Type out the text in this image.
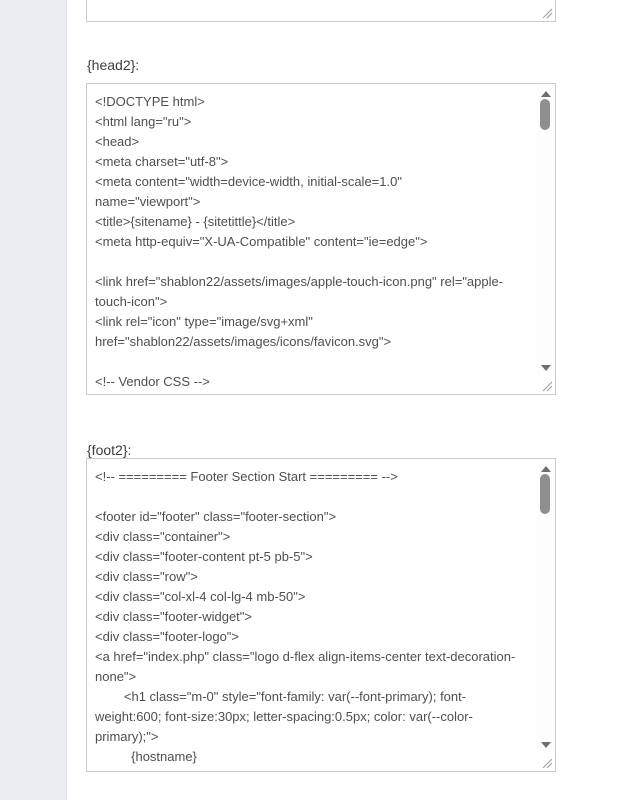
{head2}:
<!DOCTYPE html> <html lang="ru"> <head> <meta charset="utf-8"> <meta content="width=device-width, initial-scale=1.0" name="viewport"> <title>{sitename} - {sitetittle}</title> <meta http-equiv="X-UA-Compatible" content="ie=edge"> <link href="shablon22/assets/images/apple-touch-icon.png" rel="apple- touch-icon"> <link rel="icon" type="image/svg+xml" href="shablon22/assets/images/icons/favicon.svg"> <!-- Vendor CSS --> <link href="shablon22/assets/vendor/bootstrap/css/bootstrap.min.css" rel="stylesheet">
{foot2}:
<!-- ========= Footer Section Start ========= --> <footer id="footer" class="footer-section"> <div class="container"> <div class="footer-content pt-5 pb-5"> <div class="row"> <div class="col-xl-4 col-lg-4 mb-50"> <div class="footer-widget"> <div class="footer-logo"> <a href="index.php" class="logo d-flex align-items-center text-decoration- none"> <h1 class="m-0" style="font-family: var(--font-primary); font- weight:600; font-size:30px; letter-spacing:0.5px; color: var(--color- primary);"> {hostname} </h1>
